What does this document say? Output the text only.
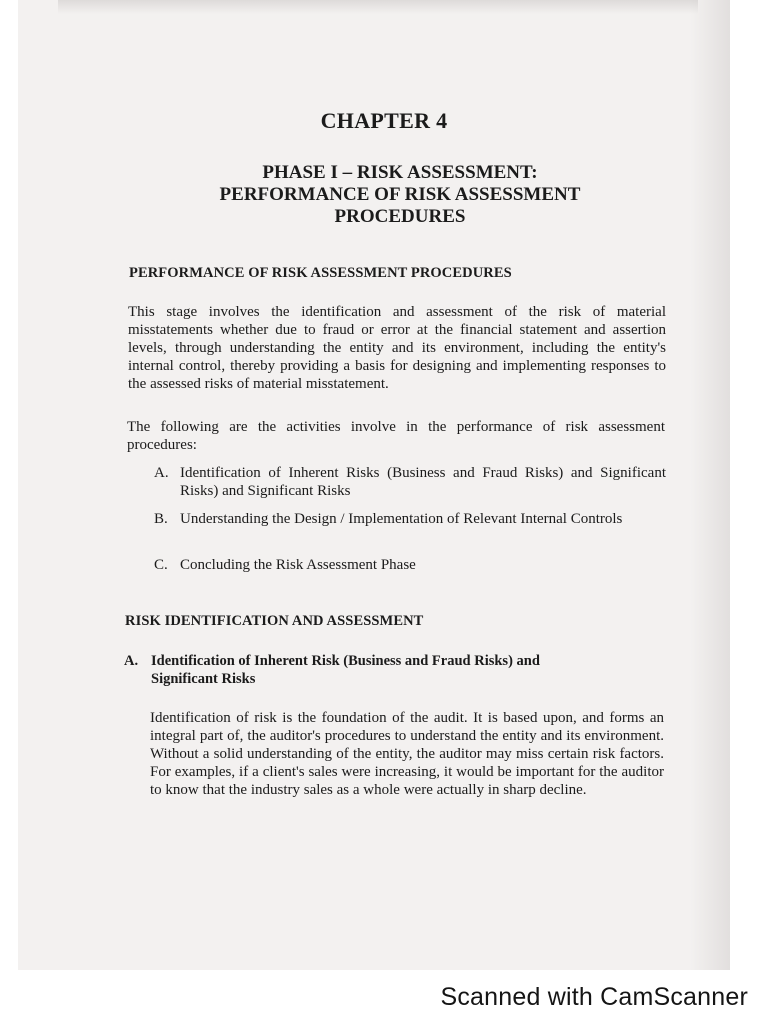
CHAPTER 4
PHASE I – RISK ASSESSMENT:
PERFORMANCE OF RISK ASSESSMENT
PROCEDURES
PERFORMANCE OF RISK ASSESSMENT PROCEDURES

This stage involves the identification and assessment of the risk of material misstatements whether due to fraud or error at the financial statement and assertion levels, through understanding the entity and its environment, including the entity's internal control, thereby providing a basis for designing and implementing responses to the assessed risks of material misstatement.

The following are the activities involve in the performance of risk assessment procedures:

A. Identification of Inherent Risks (Business and Fraud Risks) and Significant Risks) and Significant Risks
B. Understanding the Design / Implementation of Relevant Internal Controls
C. Concluding the Risk Assessment Phase
RISK IDENTIFICATION AND ASSESSMENT
A. Identification of Inherent Risk (Business and Fraud Risks) and Significant Risks

Identification of risk is the foundation of the audit. It is based upon, and forms an integral part of, the auditor's procedures to understand the entity and its environment. Without a solid understanding of the entity, the auditor may miss certain risk factors. For examples, if a client's sales were increasing, it would be important for the auditor to know that the industry sales as a whole were actually in sharp decline.

Scanned with CamScanner
